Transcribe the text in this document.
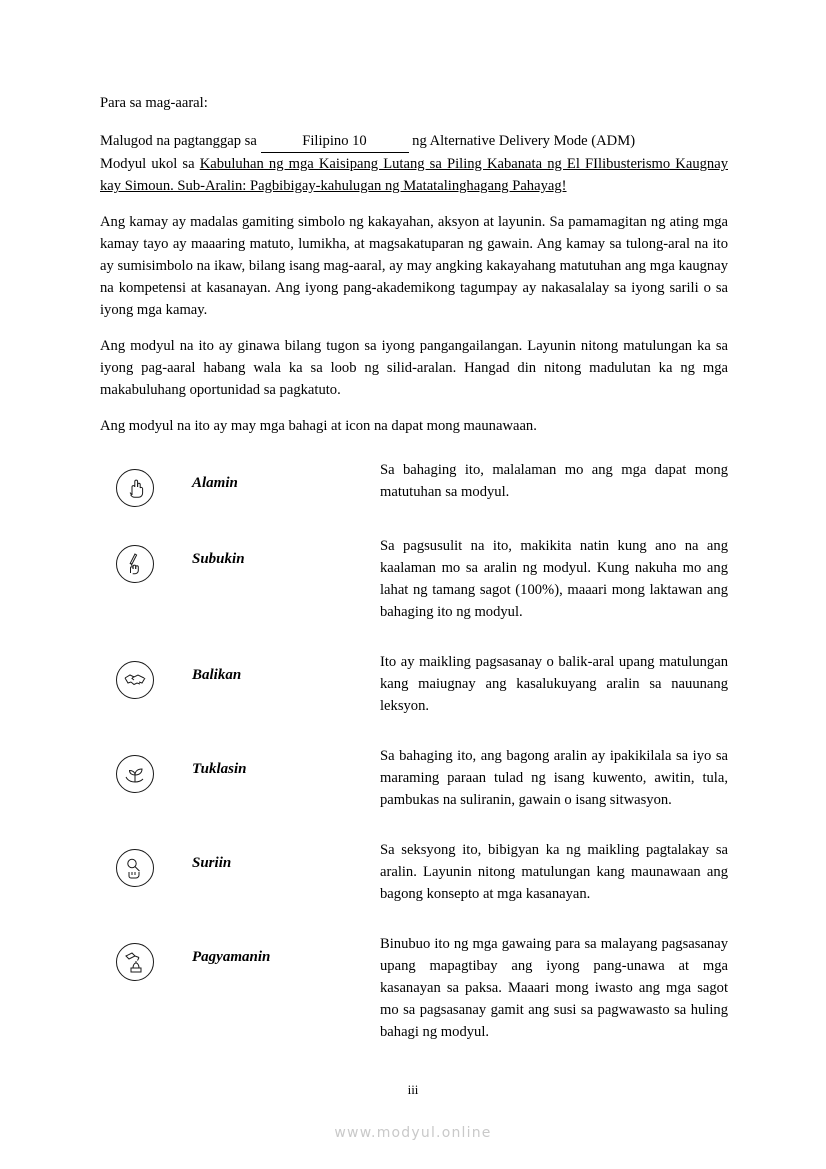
Para sa mag-aaral:

Malugod na pagtanggap sa	Filipino 10	ng Alternative Delivery Mode (ADM)
Modyul ukol sa Kabuluhan ng mga Kaisipang Lutang sa Piling Kabanata ng El FIlibusterismo Kaugnay kay Simoun. Sub-Aralin: Pagbibigay-kahulugan ng Matatalinghagang Pahayag!

Ang kamay ay madalas gamiting simbolo ng kakayahan, aksyon at layunin. Sa pamamagitan ng ating mga kamay tayo ay maaaring matuto, lumikha, at magsakatuparan ng gawain. Ang kamay sa tulong-aral na ito ay sumisimbolo na ikaw, bilang isang mag-aaral, ay may angking kakayahang matutuhan ang mga kaugnay na kompetensi at kasanayan. Ang iyong pang-akademikong tagumpay ay nakasalalay sa iyong sarili o sa iyong mga kamay.

Ang modyul na ito ay ginawa bilang tugon sa iyong pangangailangan. Layunin nitong matulungan ka sa iyong pag-aaral habang wala ka sa loob ng silid-aralan. Hangad din nitong madulutan ka ng mga makabuluhang oportunidad sa pagkatuto.

Ang modyul na ito ay may mga bahagi at icon na dapat mong maunawaan.

Alamin	Sa bahaging ito, malalaman mo ang mga dapat mong matutuhan sa modyul.

Subukin	Sa pagsusulit na ito, makikita natin kung ano na ang kaalaman mo sa aralin ng modyul. Kung nakuha mo ang lahat ng tamang sagot (100%), maaari mong laktawan ang bahaging ito ng modyul.

Balikan	Ito ay maikling pagsasanay o balik-aral upang matulungan kang maiugnay ang kasalukuyang aralin sa nauunang leksyon.

Tuklasin	Sa bahaging ito, ang bagong aralin ay ipakikilala sa iyo sa maraming paraan tulad ng isang kuwento, awitin, tula, pambukas na suliranin, gawain o isang sitwasyon.

Suriin	Sa seksyong ito, bibigyan ka ng maikling pagtalakay sa aralin. Layunin nitong matulungan kang maunawaan ang bagong konsepto at mga kasanayan.

Pagyamanin	Binubuo ito ng mga gawaing para sa malayang pagsasanay upang mapagtibay ang iyong pang-unawa at mga kasanayan sa paksa. Maaari mong iwasto ang mga sagot mo sa pagsasanay gamit ang susi sa pagwawasto sa huling bahagi ng modyul.
iii
www.modyul.online
